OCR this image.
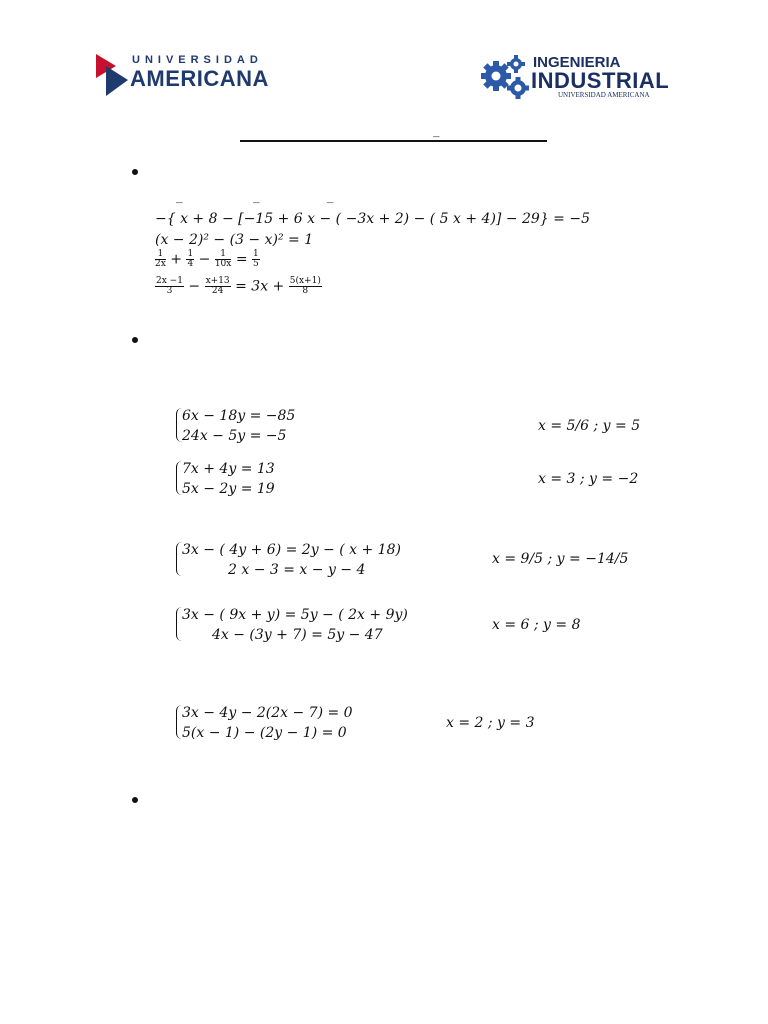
UNIVERSIDAD
AMERICANA
INGENIERIA
INDUSTRIAL
UNIVERSIDAD AMERICANA
_
_	_	_
−{ x + 8 − [−15 + 6 x − ( −3x + 2) − ( 5 x + 4)] − 29} = −5
(x − 2)² − (3 − x)² = 1
$\frac{1}{2x} + \frac{1}{4} - \frac{1}{10x} = \frac{1}{5}$
$\frac{2x -1}{3} - \frac{x+13}{24} = 3x + \frac{5(x+1)}{8}$
6x − 18y = −85
24x − 5y = −5
x = 5/6 ; y = 5
7x + 4y = 13
5x − 2y = 19
x = 3 ; y = −2
3x − ( 4y + 6) = 2y − ( x + 18)
2 x − 3 = x − y − 4
x = 9/5 ; y = −14/5
3x − ( 9x + y) = 5y − ( 2x + 9y)
4x − (3y + 7) = 5y − 47
x = 6 ; y = 8
3x − 4y − 2(2x − 7) = 0
5(x − 1) − (2y − 1) = 0
x = 2 ; y = 3
